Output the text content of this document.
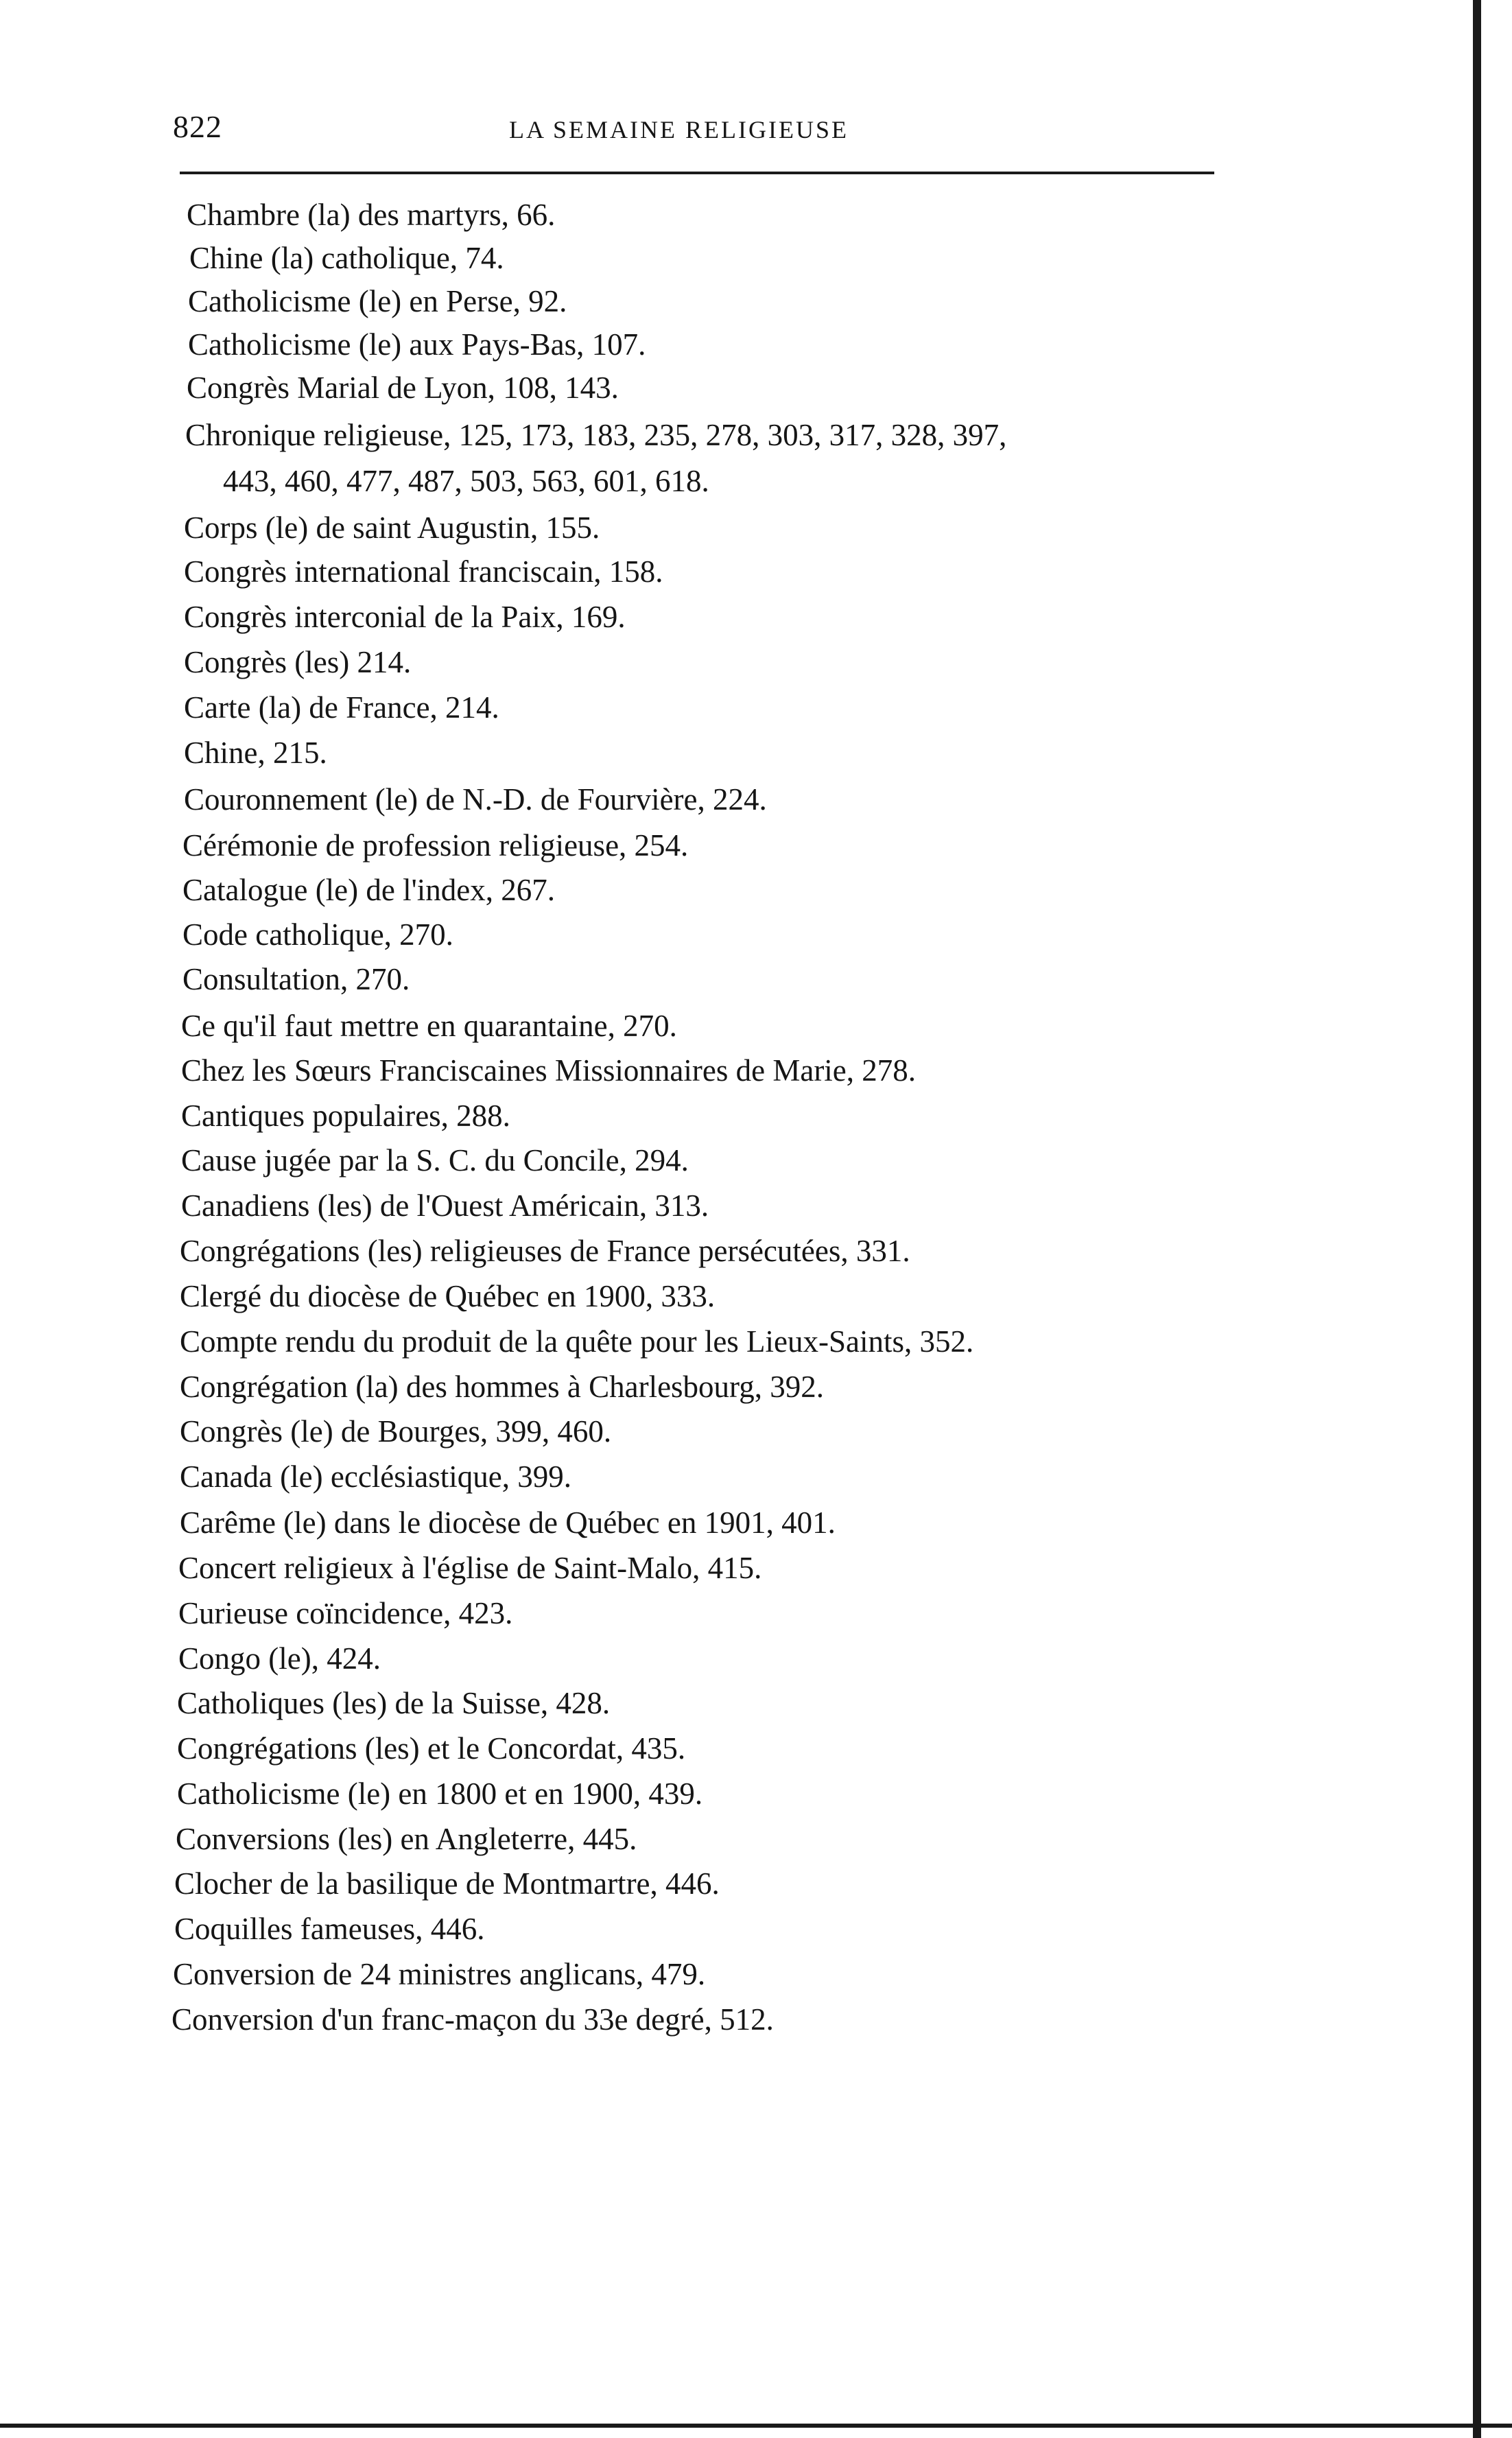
822	LA SEMAINE RELIGIEUSE
Chambre (la) des martyrs, 66.
Chine (la) catholique, 74.
Catholicisme (le) en Perse, 92.
Catholicisme (le) aux Pays-Bas, 107.
Congrès Marial de Lyon, 108, 143.
Chronique religieuse, 125, 173, 183, 235, 278, 303, 317, 328, 397,
443, 460, 477, 487, 503, 563, 601, 618.
Corps (le) de saint Augustin, 155.
Congrès international franciscain, 158.
Congrès interconial de la Paix, 169.
Congrès (les) 214.
Carte (la) de France, 214.
Chine, 215.
Couronnement (le) de N.-D. de Fourvière, 224.
Cérémonie de profession religieuse, 254.
Catalogue (le) de l'index, 267.
Code catholique, 270.
Consultation, 270.
Ce qu'il faut mettre en quarantaine, 270.
Chez les Sœurs Franciscaines Missionnaires de Marie, 278.
Cantiques populaires, 288.
Cause jugée par la S. C. du Concile, 294.
Canadiens (les) de l'Ouest Américain, 313.
Congrégations (les) religieuses de France persécutées, 331.
Clergé du diocèse de Québec en 1900, 333.
Compte rendu du produit de la quête pour les Lieux-Saints, 352.
Congrégation (la) des hommes à Charlesbourg, 392.
Congrès (le) de Bourges, 399, 460.
Canada (le) ecclésiastique, 399.
Carême (le) dans le diocèse de Québec en 1901, 401.
Concert religieux à l'église de Saint-Malo, 415.
Curieuse coïncidence, 423.
Congo (le), 424.
Catholiques (les) de la Suisse, 428.
Congrégations (les) et le Concordat, 435.
Catholicisme (le) en 1800 et en 1900, 439.
Conversions (les) en Angleterre, 445.
Clocher de la basilique de Montmartre, 446.
Coquilles fameuses, 446.
Conversion de 24 ministres anglicans, 479.
Conversion d'un franc-maçon du 33e degré, 512.
